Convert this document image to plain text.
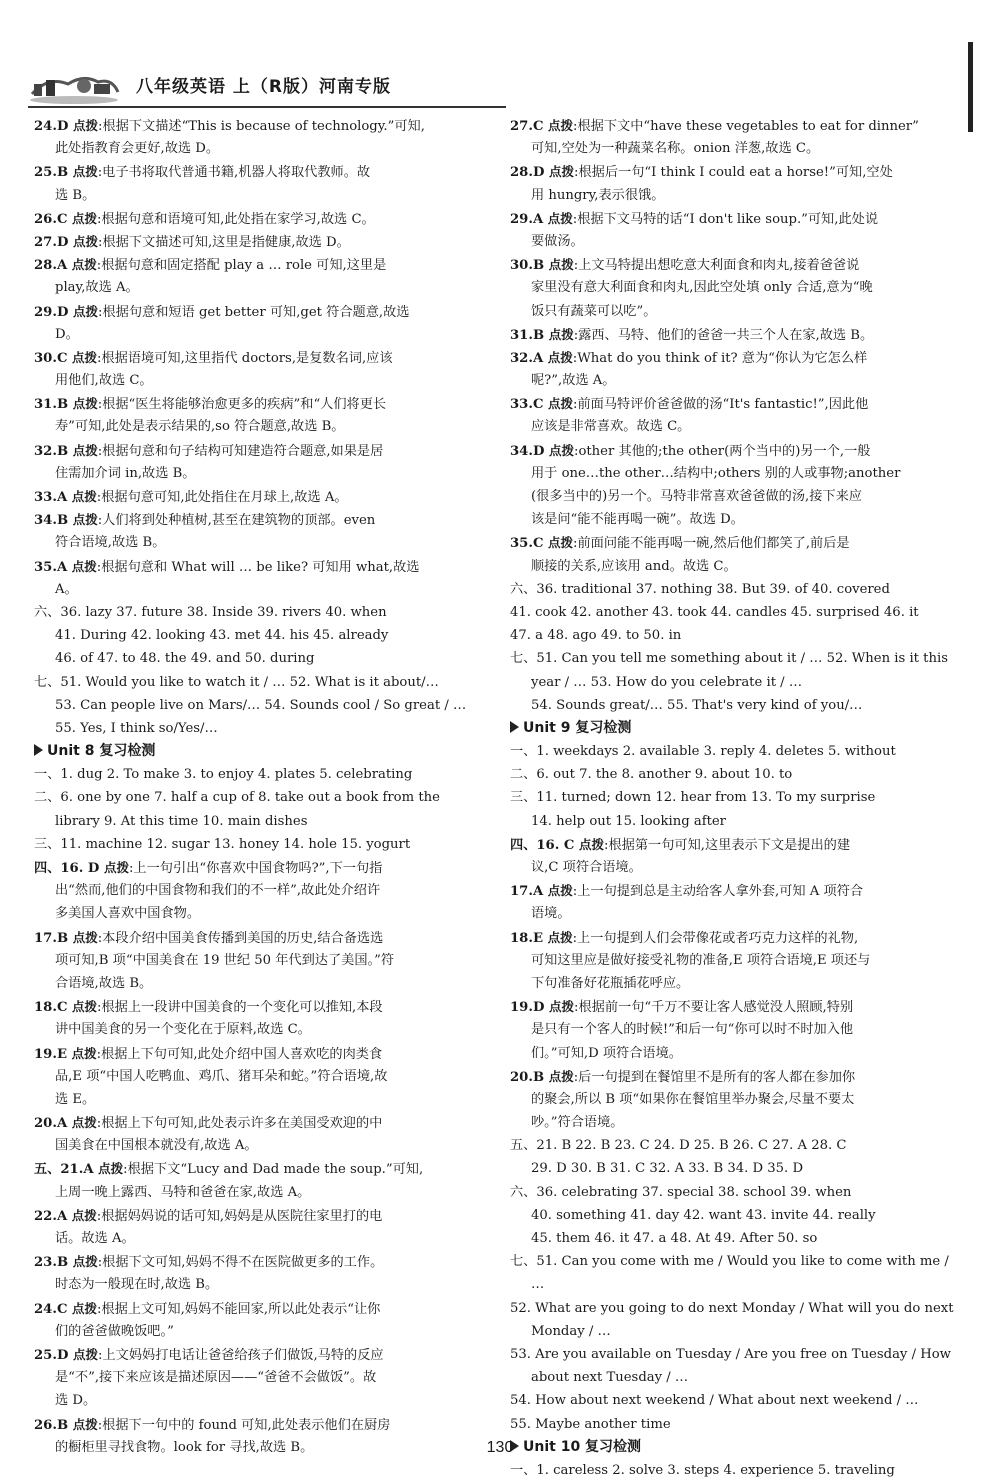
八年级英语 上（R版）河南专版
24.D 点拨:根据下文描述“This is because of technology.”可知,
此处指教育会更好,故选 D。
25.B 点拨:电子书将取代普通书籍,机器人将取代教师。故
选 B。
26.C 点拨:根据句意和语境可知,此处指在家学习,故选 C。
27.D 点拨:根据下文描述可知,这里是指健康,故选 D。
28.A 点拨:根据句意和固定搭配 play a … role 可知,这里是
play,故选 A。
29.D 点拨:根据句意和短语 get better 可知,get 符合题意,故选
D。
30.C 点拨:根据语境可知,这里指代 doctors,是复数名词,应该
用他们,故选 C。
31.B 点拨:根据“医生将能够治愈更多的疾病”和“人们将更长
寿”可知,此处是表示结果的,so 符合题意,故选 B。
32.B 点拨:根据句意和句子结构可知建造符合题意,如果是居
住需加介词 in,故选 B。
33.A 点拨:根据句意可知,此处指住在月球上,故选 A。
34.B 点拨:人们将到处种植树,甚至在建筑物的顶部。even
符合语境,故选 B。
35.A 点拨:根据句意和 What will … be like? 可知用 what,故选
A。
六、36. lazy 37. future 38. Inside 39. rivers 40. when
41. During 42. looking 43. met 44. his 45. already
46. of 47. to 48. the 49. and 50. during
七、51. Would you like to watch it / … 52. What is it about/…
53. Can people live on Mars/… 54. Sounds cool / So great / …
55. Yes, I think so/Yes/…
Unit 8 复习检测
一、1. dug 2. To make 3. to enjoy 4. plates 5. celebrating
二、6. one by one 7. half a cup of 8. take out a book from the
library 9. At this time 10. main dishes
三、11. machine 12. sugar 13. honey 14. hole 15. yogurt
四、16. D 点拨:上一句引出“你喜欢中国食物吗?”,下一句指
出“然而,他们的中国食物和我们的不一样”,故此处介绍许
多美国人喜欢中国食物。
17.B 点拨:本段介绍中国美食传播到美国的历史,结合备选选
项可知,B 项“中国美食在 19 世纪 50 年代到达了美国。”符
合语境,故选 B。
18.C 点拨:根据上一段讲中国美食的一个变化可以推知,本段
讲中国美食的另一个变化在于原料,故选 C。
19.E 点拨:根据上下句可知,此处介绍中国人喜欢吃的肉类食
品,E 项“中国人吃鸭血、鸡爪、猪耳朵和蛇。”符合语境,故
选 E。
20.A 点拨:根据上下句可知,此处表示许多在美国受欢迎的中
国美食在中国根本就没有,故选 A。
五、21.A 点拨:根据下文“Lucy and Dad made the soup.”可知,
上周一晚上露西、马特和爸爸在家,故选 A。
22.A 点拨:根据妈妈说的话可知,妈妈是从医院往家里打的电
话。故选 A。
23.B 点拨:根据下文可知,妈妈不得不在医院做更多的工作。
时态为一般现在时,故选 B。
24.C 点拨:根据上文可知,妈妈不能回家,所以此处表示“让你
们的爸爸做晚饭吧。”
25.D 点拨:上文妈妈打电话让爸爸给孩子们做饭,马特的反应
是“不”,接下来应该是描述原因——“爸爸不会做饭”。故
选 D。
26.B 点拨:根据下一句中的 found 可知,此处表示他们在厨房
的橱柜里寻找食物。look for 寻找,故选 B。
27.C 点拨:根据下文中“have these vegetables to eat for dinner”
可知,空处为一种蔬菜名称。onion 洋葱,故选 C。
28.D 点拨:根据后一句“I think I could eat a horse!”可知,空处
用 hungry,表示很饿。
29.A 点拨:根据下文马特的话“I don't like soup.”可知,此处说
要做汤。
30.B 点拨:上文马特提出想吃意大利面食和肉丸,接着爸爸说
家里没有意大利面食和肉丸,因此空处填 only 合适,意为“晚
饭只有蔬菜可以吃”。
31.B 点拨:露西、马特、他们的爸爸一共三个人在家,故选 B。
32.A 点拨:What do you think of it? 意为“你认为它怎么样
呢?”,故选 A。
33.C 点拨:前面马特评价爸爸做的汤“It's fantastic!”,因此他
应该是非常喜欢。故选 C。
34.D 点拨:other 其他的;the other(两个当中的)另一个,一般
用于 one…the other…结构中;others 别的人或事物;another
(很多当中的)另一个。马特非常喜欢爸爸做的汤,接下来应
该是问“能不能再喝一碗”。故选 D。
35.C 点拨:前面问能不能再喝一碗,然后他们都笑了,前后是
顺接的关系,应该用 and。故选 C。
六、36. traditional 37. nothing 38. But 39. of 40. covered
41. cook 42. another 43. took 44. candles 45. surprised 46. it
47. a 48. ago 49. to 50. in
七、51. Can you tell me something about it / … 52. When is it this
year / … 53. How do you celebrate it / …
54. Sounds great/… 55. That's very kind of you/…
Unit 9 复习检测
一、1. weekdays 2. available 3. reply 4. deletes 5. without
二、6. out 7. the 8. another 9. about 10. to
三、11. turned; down 12. hear from 13. To my surprise
14. help out 15. looking after
四、16. C 点拨:根据第一句可知,这里表示下文是提出的建
议,C 项符合语境。
17.A 点拨:上一句提到总是主动给客人拿外套,可知 A 项符合
语境。
18.E 点拨:上一句提到人们会带像花或者巧克力这样的礼物,
可知这里应是做好接受礼物的准备,E 项符合语境,E 项还与
下句准备好花瓶插花呼应。
19.D 点拨:根据前一句“千万不要让客人感觉没人照顾,特别
是只有一个客人的时候!”和后一句“你可以时不时加入他
们。”可知,D 项符合语境。
20.B 点拨:后一句提到在餐馆里不是所有的客人都在参加你
的聚会,所以 B 项“如果你在餐馆里举办聚会,尽量不要太
吵。”符合语境。
五、21. B 22. B 23. C 24. D 25. B 26. C 27. A 28. C
29. D 30. B 31. C 32. A 33. B 34. D 35. D
六、36. celebrating 37. special 38. school 39. when
40. something 41. day 42. want 43. invite 44. really
45. them 46. it 47. a 48. At 49. After 50. so
七、51. Can you come with me / Would you like to come with me /
…
52. What are you going to do next Monday / What will you do next
Monday / …
53. Are you available on Tuesday / Are you free on Tuesday / How
about next Tuesday / …
54. How about next weekend / What about next weekend / …
55. Maybe another time
Unit 10 复习检测
一、1. careless 2. solve 3. steps 4. experience 5. traveling
130
